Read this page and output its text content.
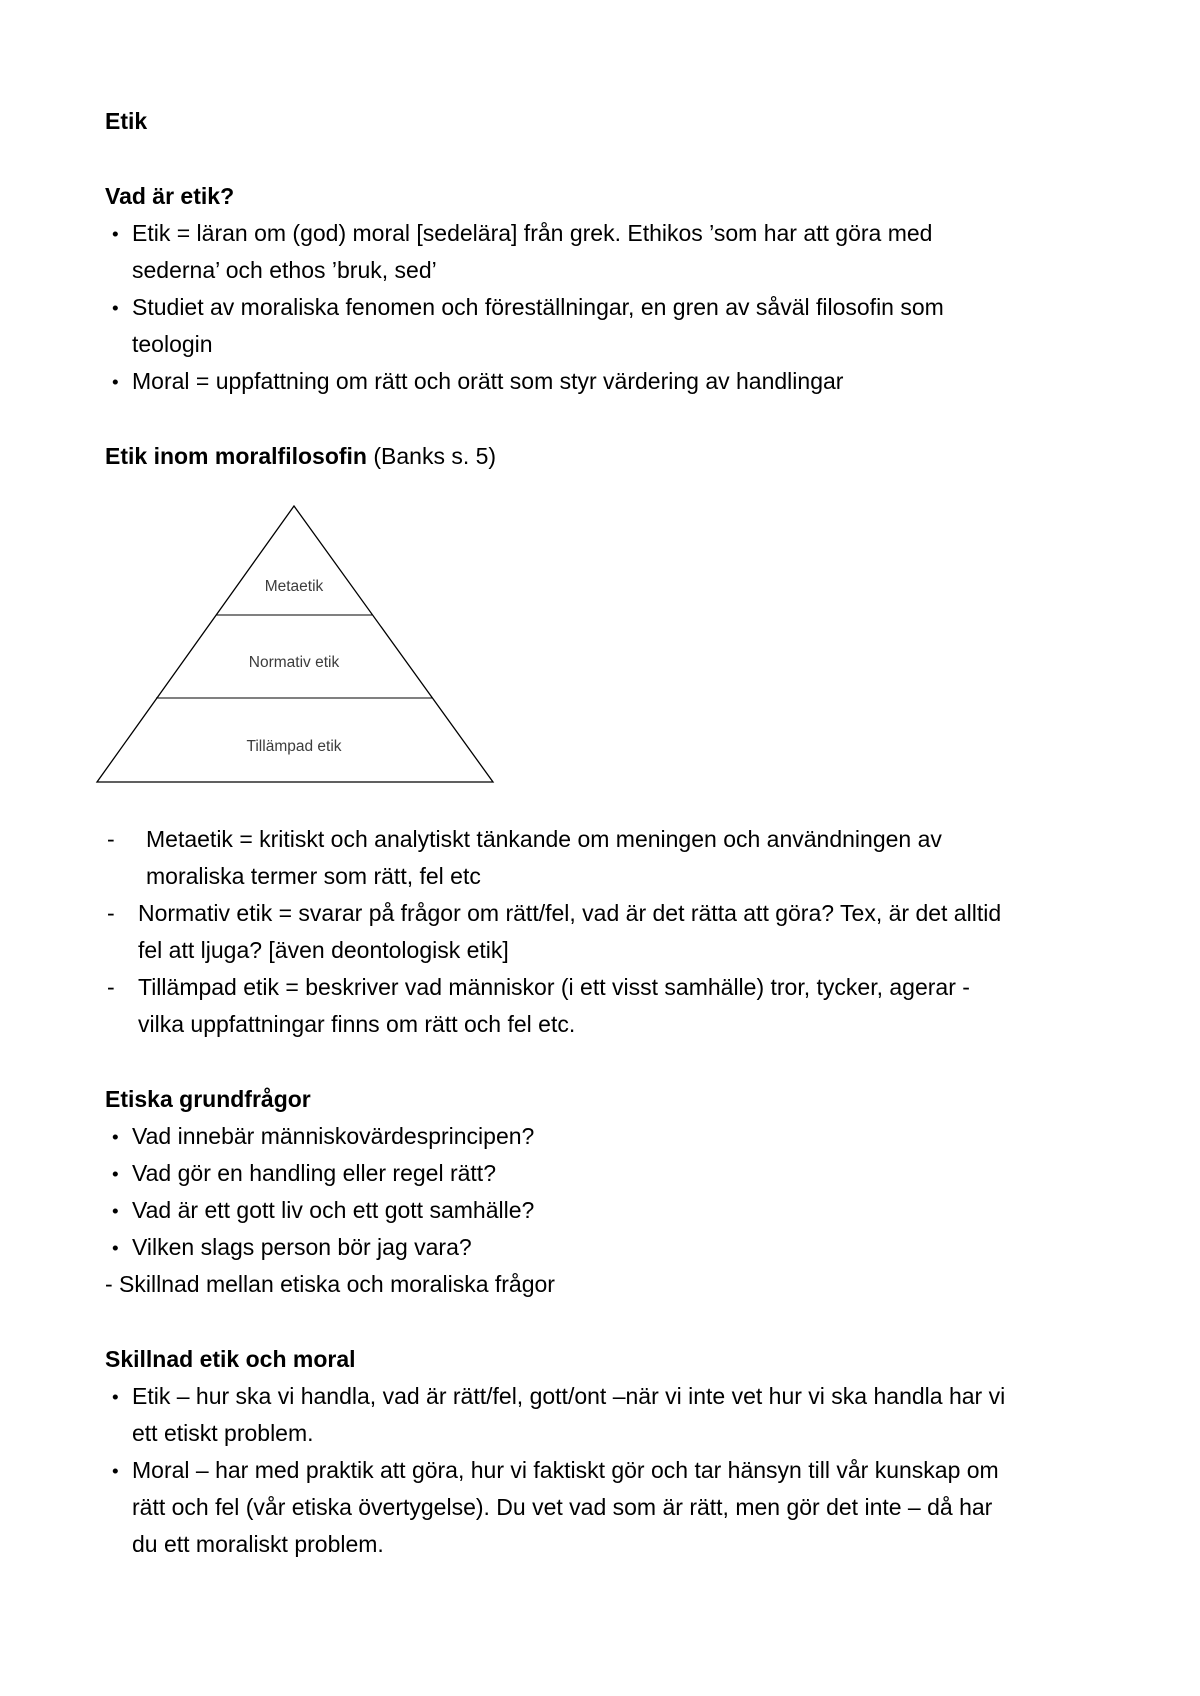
Etik
Vad är etik?
• Etik = läran om (god) moral [sedelära] från grek. Ethikos ’som har att göra med sederna’ och ethos ’bruk, sed’
• Studiet av moraliska fenomen och föreställningar, en gren av såväl filosofin som teologin
• Moral = uppfattning om rätt och orätt som styr värdering av handlingar
Etik inom moralfilosofin (Banks s. 5)
Metaetik
Normativ etik
Tillämpad etik
- Metaetik = kritiskt och analytiskt tänkande om meningen och användningen av moraliska termer som rätt, fel etc
- Normativ etik = svarar på frågor om rätt/fel, vad är det rätta att göra? Tex, är det alltid fel att ljuga? [även deontologisk etik]
- Tillämpad etik = beskriver vad människor (i ett visst samhälle) tror, tycker, agerar - vilka uppfattningar finns om rätt och fel etc.
Etiska grundfrågor
• Vad innebär människovärdesprincipen?
• Vad gör en handling eller regel rätt?
• Vad är ett gott liv och ett gott samhälle?
• Vilken slags person bör jag vara?

- Skillnad mellan etiska och moraliska frågor

Skillnad etik och moral
• Etik – hur ska vi handla, vad är rätt/fel, gott/ont –när vi inte vet hur vi ska handla har vi ett etiskt problem.
• Moral – har med praktik att göra, hur vi faktiskt gör och tar hänsyn till vår kunskap om rätt och fel (vår etiska övertygelse). Du vet vad som är rätt, men gör det inte – då har du ett moraliskt problem.
